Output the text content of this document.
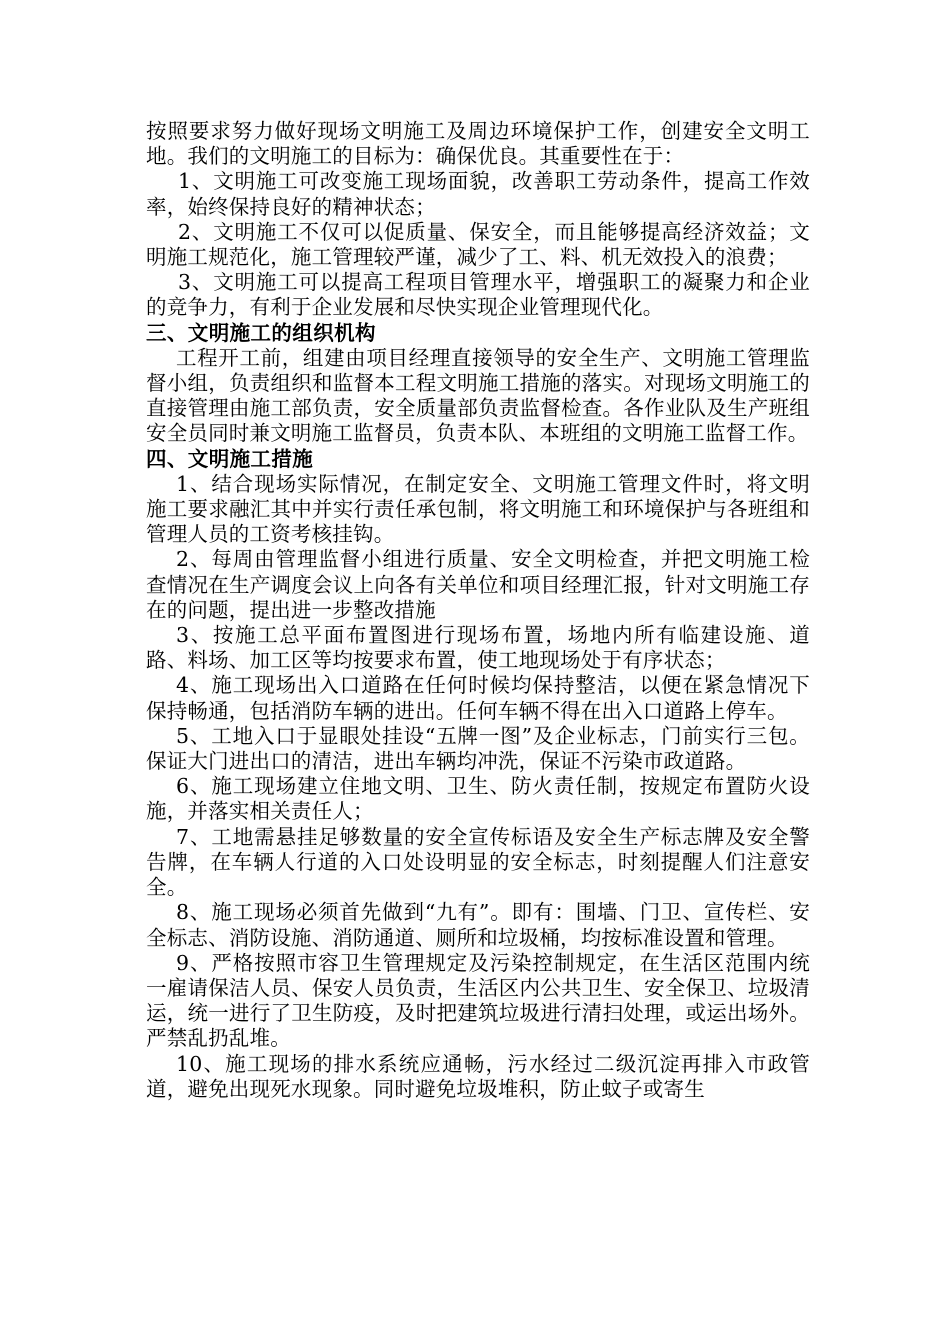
按照要求努力做好现场文明施工及周边环境保护工作，创建安全文明工地。我们的文明施工的目标为：确保优良。其重要性在于：

1、文明施工可改变施工现场面貌，改善职工劳动条件，提高工作效率，始终保持良好的精神状态；

2、文明施工不仅可以促质量、保安全，而且能够提高经济效益；文明施工规范化，施工管理较严谨，减少了工、料、机无效投入的浪费；

3、文明施工可以提高工程项目管理水平，增强职工的凝聚力和企业的竞争力，有利于企业发展和尽快实现企业管理现代化。

三、文明施工的组织机构

工程开工前，组建由项目经理直接领导的安全生产、文明施工管理监督小组，负责组织和监督本工程文明施工措施的落实。对现场文明施工的直接管理由施工部负责，安全质量部负责监督检查。各作业队及生产班组安全员同时兼文明施工监督员，负责本队、本班组的文明施工监督工作。

四、文明施工措施

1、结合现场实际情况，在制定安全、文明施工管理文件时，将文明施工要求融汇其中并实行责任承包制，将文明施工和环境保护与各班组和管理人员的工资考核挂钩。

2、每周由管理监督小组进行质量、安全文明检查，并把文明施工检查情况在生产调度会议上向各有关单位和项目经理汇报，针对文明施工存在的问题，提出进一步整改措施

3、按施工总平面布置图进行现场布置，场地内所有临建设施、道路、料场、加工区等均按要求布置，使工地现场处于有序状态；

4、施工现场出入口道路在任何时候均保持整洁，以便在紧急情况下保持畅通，包括消防车辆的进出。任何车辆不得在出入口道路上停车。

5、工地入口于显眼处挂设“五牌一图”及企业标志，门前实行三包。保证大门进出口的清洁，进出车辆均冲洗，保证不污染市政道路。

6、施工现场建立住地文明、卫生、防火责任制，按规定布置防火设施，并落实相关责任人；

7、工地需悬挂足够数量的安全宣传标语及安全生产标志牌及安全警告牌，在车辆人行道的入口处设明显的安全标志，时刻提醒人们注意安全。

8、施工现场必须首先做到“九有”。即有：围墙、门卫、宣传栏、安全标志、消防设施、消防通道、厕所和垃圾桶，均按标准设置和管理。

9、严格按照市容卫生管理规定及污染控制规定，在生活区范围内统一雇请保洁人员、保安人员负责，生活区内公共卫生、安全保卫、垃圾清运，统一进行了卫生防疫，及时把建筑垃圾进行清扫处理，或运出场外。严禁乱扔乱堆。

10、施工现场的排水系统应通畅，污水经过二级沉淀再排入市政管道，避免出现死水现象。同时避免垃圾堆积，防止蚊子或寄生
